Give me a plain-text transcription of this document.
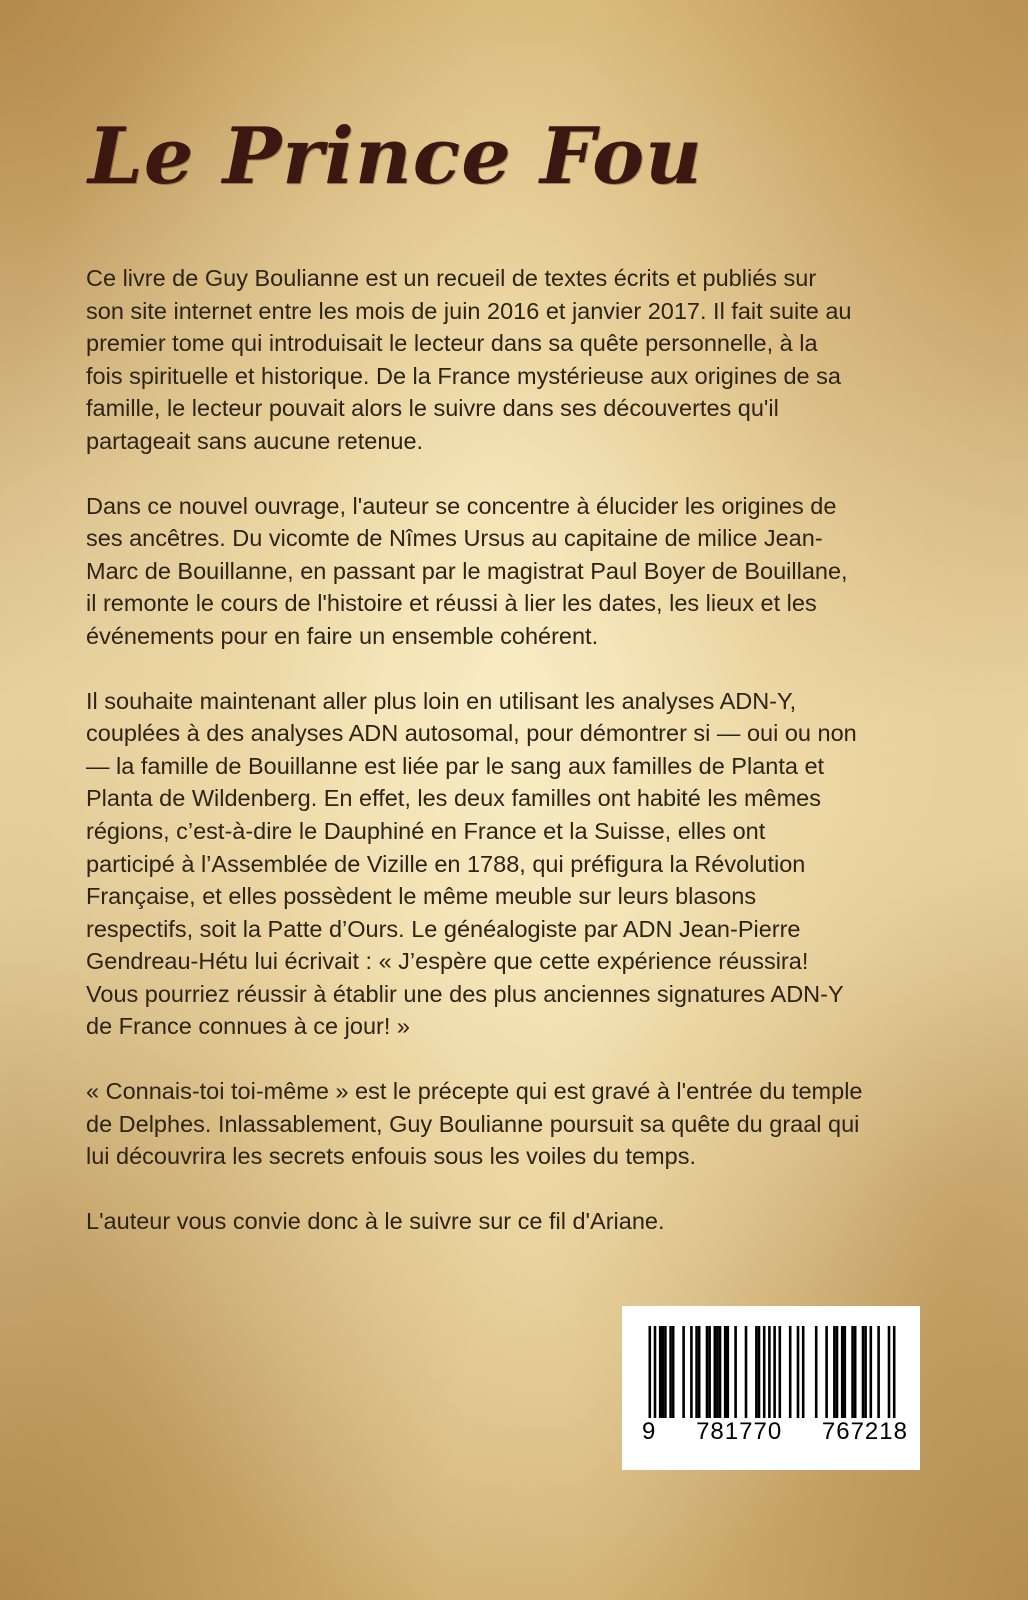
Le Prince Fou

Ce livre de Guy Boulianne est un recueil de textes écrits et publiés sur
son site internet entre les mois de juin 2016 et janvier 2017. Il fait suite au
premier tome qui introduisait le lecteur dans sa quête personnelle, à la
fois spirituelle et historique. De la France mystérieuse aux origines de sa
famille, le lecteur pouvait alors le suivre dans ses découvertes qu'il
partageait sans aucune retenue.

Dans ce nouvel ouvrage, l'auteur se concentre à élucider les origines de
ses ancêtres. Du vicomte de Nîmes Ursus au capitaine de milice Jean-
Marc de Bouillanne, en passant par le magistrat Paul Boyer de Bouillane,
il remonte le cours de l'histoire et réussi à lier les dates, les lieux et les
événements pour en faire un ensemble cohérent.

Il souhaite maintenant aller plus loin en utilisant les analyses ADN-Y,
couplées à des analyses ADN autosomal, pour démontrer si — oui ou non
— la famille de Bouillanne est liée par le sang aux familles de Planta et
Planta de Wildenberg. En effet, les deux familles ont habité les mêmes
régions, c’est-à-dire le Dauphiné en France et la Suisse, elles ont
participé à l’Assemblée de Vizille en 1788, qui préfigura la Révolution
Française, et elles possèdent le même meuble sur leurs blasons
respectifs, soit la Patte d’Ours. Le généalogiste par ADN Jean-Pierre
Gendreau-Hétu lui écrivait : « J’espère que cette expérience réussira!
Vous pourriez réussir à établir une des plus anciennes signatures ADN-Y
de France connues à ce jour! »

« Connais-toi toi-même » est le précepte qui est gravé à l'entrée du temple
de Delphes. Inlassablement, Guy Boulianne poursuit sa quête du graal qui
lui découvrira les secrets enfouis sous les voiles du temps.

L'auteur vous convie donc à le suivre sur ce fil d'Ariane.

9 781770 767218
